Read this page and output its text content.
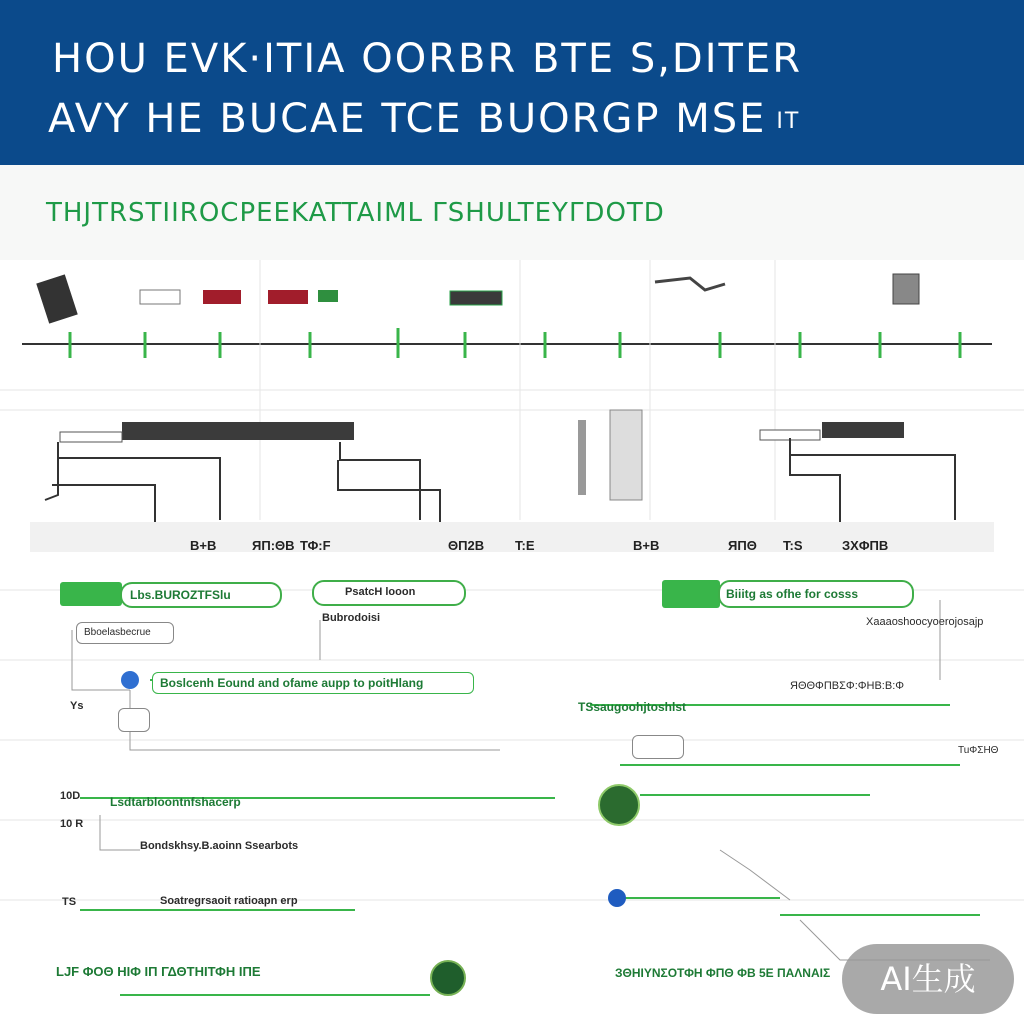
HOU EVK·ITIA OORBR BTE S,DITER
AVY HE BUCAE TCE BUORGP MSE IT
THJTRSTIIROCPEEKATTAIML ΓSHULTEYΓDOTD
B+B	ЯΠ:ΘΒ ΤΦ:F	ΘΠ2Β T:E	B+B	ЯΠΘ T:S	ЗΧΦΠΒ
Lbs.BUROZTFSlu	PsatcH looon	Biiitg as ofhe for cosss
Bboelasbecrue
Bubrodoisi
Boslcenh Eound and ofame aupp to poitHlang
Ys
10D
10 R
TS
Lsdtarbloontnfshacerp
Bondskhsy.B.aoinn Ssearbots
Soatregrsaoit ratioapn erp
Xaaaoshoocyoerojosajp
ЯΘΘΦΠΒΣΦ:ΦΗΒ:Β:Φ
TSsaugoohjtoshlst
TuΦΣΗΘ
LJF ΦΟΘ ΗΙΦ ΙΠ ΓΔΘΤΗΙΤΦΗ ΙΠΕ	ЗΘΗΙΥΝΣΟΤΦΗ ΦΠΘ ΦΒ 5Ε ΠΑΛΝΑΙΣ	AI生成
